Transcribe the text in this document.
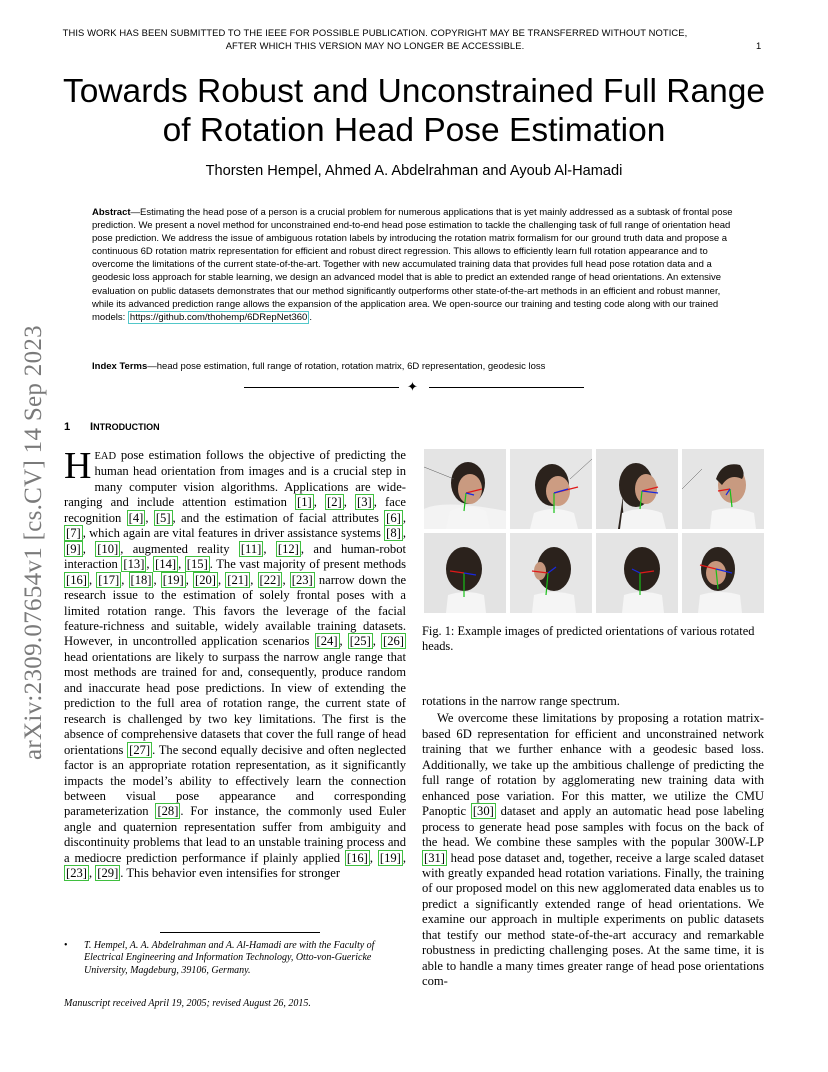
THIS WORK HAS BEEN SUBMITTED TO THE IEEE FOR POSSIBLE PUBLICATION. COPYRIGHT MAY BE TRANSFERRED WITHOUT NOTICE,
AFTER WHICH THIS VERSION MAY NO LONGER BE ACCESSIBLE.	1
arXiv:2309.07654v1 [cs.CV] 14 Sep 2023
Towards Robust and Unconstrained Full Range
of Rotation Head Pose Estimation
Thorsten Hempel, Ahmed A. Abdelrahman and Ayoub Al-Hamadi
Abstract—Estimating the head pose of a person is a crucial problem for numerous applications that is yet mainly addressed as a subtask of frontal pose prediction. We present a novel method for unconstrained end-to-end head pose estimation to tackle the challenging task of full range of orientation head pose prediction. We address the issue of ambiguous rotation labels by introducing the rotation matrix formalism for our ground truth data and propose a continuous 6D rotation matrix representation for efficient and robust direct regression. This allows to efficiently learn full rotation appearance and to overcome the limitations of the current state-of-the-art. Together with new accumulated training data that provides full head pose rotation data and a geodesic loss approach for stable learning, we design an advanced model that is able to predict an extended range of head orientations. An extensive evaluation on public datasets demonstrates that our method significantly outperforms other state-of-the-art methods in an efficient and robust manner, while its advanced prediction range allows the expansion of the application area. We open-source our training and testing code along with our trained models: https://github.com/thohemp/6DRepNet360 .
Index Terms—head pose estimation, full range of rotation, rotation matrix, 6D representation, geodesic loss
✦
1 INTRODUCTION
HEAD pose estimation follows the objective of predicting the human head orientation from images and is a crucial step in many computer vision algorithms. Applications are wide-ranging and include attention estimation [1] , [2] , [3] , face recognition [4] , [5] , and the estimation of facial attributes [6] , [7] , which again are vital features in driver assistance systems [8] , [9] , [10] , augmented reality [11] , [12] , and human-robot interaction [13] , [14] , [15] . The vast majority of present methods [16] , [17] , [18] , [19] , [20] , [21] , [22] , [23] narrow down the research issue to the estimation of solely frontal poses with a limited rotation range. This favors the leverage of the facial feature-richness and suitable, widely available training datasets. However, in uncontrolled application scenarios [24] , [25] , [26] head orientations are likely to surpass the narrow angle range that most methods are trained for and, consequently, produce random and inaccurate head pose predictions. In view of extending the prediction to the full area of rotation range, the current state of research is challenged by two key limitations. The first is the absence of comprehensive datasets that cover the full range of head orientations [27] . The second equally decisive and often neglected factor is an appropriate rotation representation, as it significantly impacts the model’s ability to effectively learn the connection between visual pose appearance and corresponding parameterization [28] . For instance, the commonly used Euler angle and quaternion representation suffer from ambiguity and discontinuity problems that lead to an unstable training process and a mediocre prediction performance if plainly applied [16] , [19] , [23] , [29] . This behavior even intensifies for stronger
Fig. 1: Example images of predicted orientations of various rotated heads.
rotations in the narrow range spectrum.
We overcome these limitations by proposing a rotation matrix-based 6D representation for efficient and unconstrained network training that we further enhance with a geodesic based loss. Additionally, we take up the ambitious challenge of predicting the full range of rotation by agglomerating new training data with enhanced pose variation. For this matter, we utilize the CMU Panoptic [30] dataset and apply an automatic head pose labeling process to generate head pose samples with focus on the back of the head. We combine these samples with the popular 300W-LP [31] head pose dataset and, together, receive a large scaled dataset with greatly expanded head rotation variations. Finally, the training of our proposed model on this new agglomerated data enables us to predict a significantly extended range of head orientations. We examine our approach in multiple experiments on public datasets that testify our method state-of-the-art accuracy and remarkable robustness in predicting challenging poses. At the same time, it is able to handle a many times greater range of head pose orientations com-
• T. Hempel, A. A. Abdelrahman and A. Al-Hamadi are with the Faculty of Electrical Engineering and Information Technology, Otto-von-Guericke University, Magdeburg, 39106, Germany.
Manuscript received April 19, 2005; revised August 26, 2015.
